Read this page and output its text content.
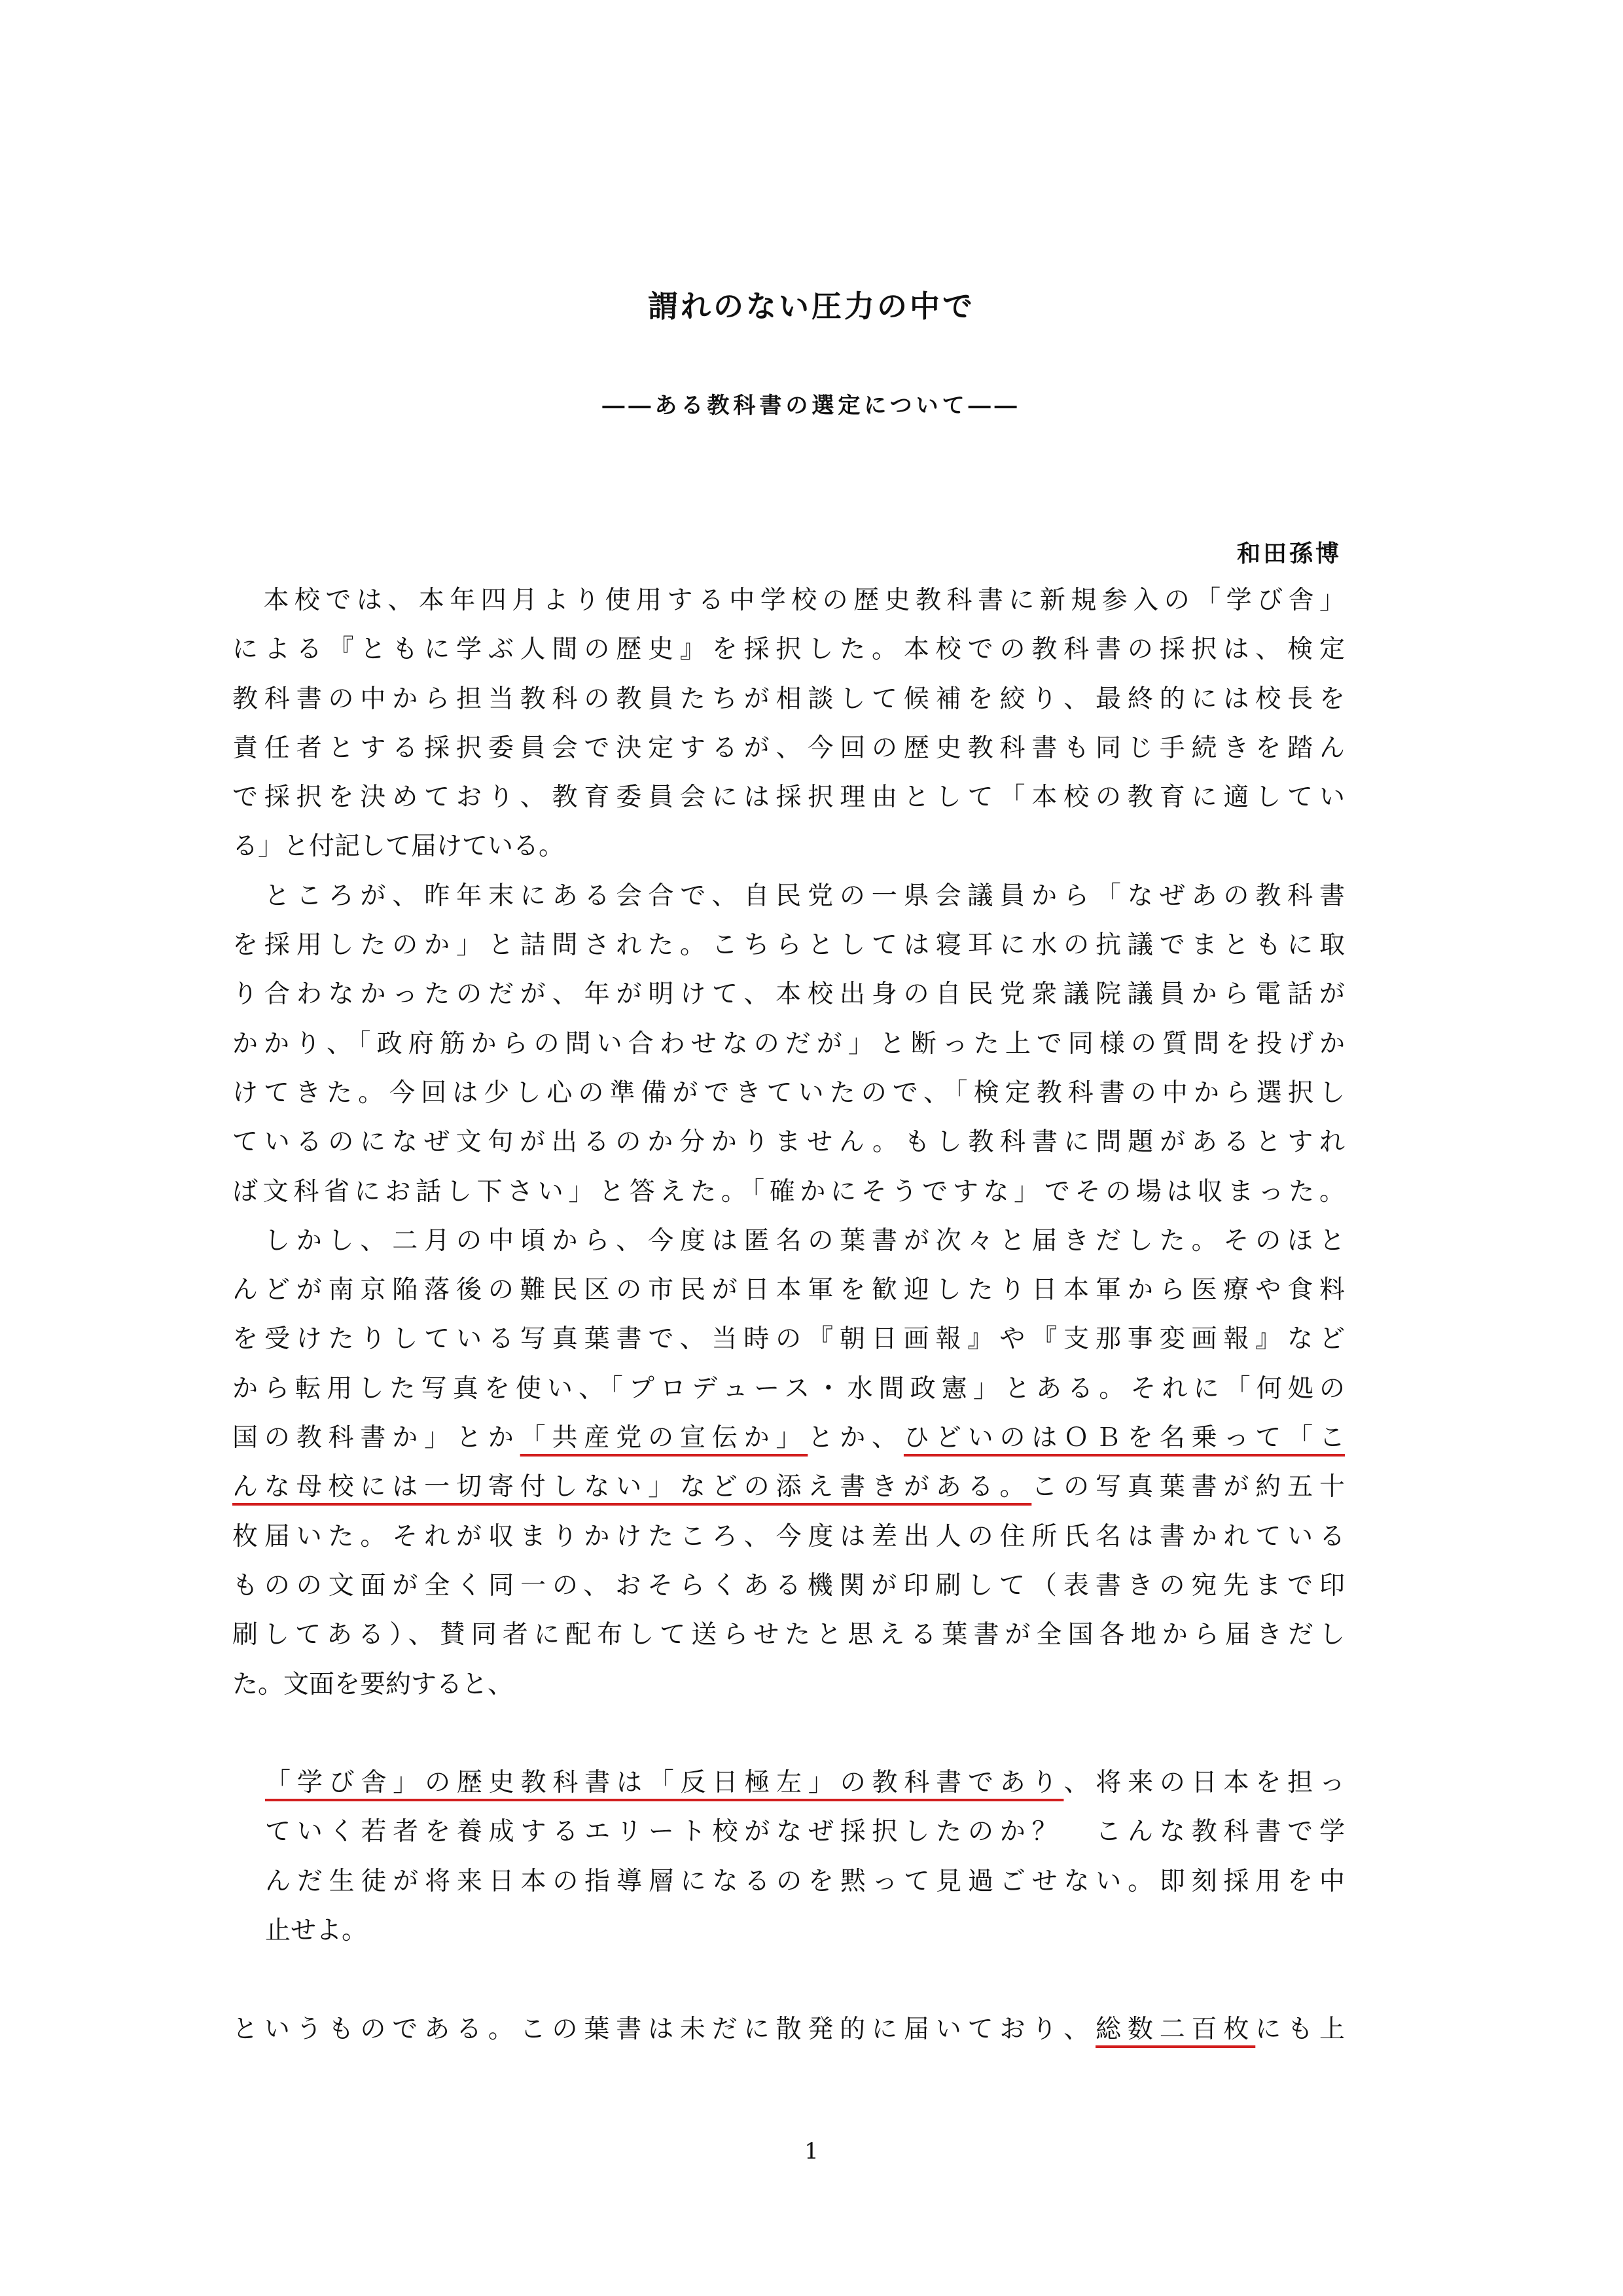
謂れのない圧力の中で
――ある教科書の選定について――
和田孫博
　本校では、本年四月より使用する中学校の歴史教科書に新規参入の「学び舎」
による『ともに学ぶ人間の歴史』を採択した。本校での教科書の採択は、検定
教科書の中から担当教科の教員たちが相談して候補を絞り、最終的には校長を
責任者とする採択委員会で決定するが、今回の歴史教科書も同じ手続きを踏ん
で採択を決めており、教育委員会には採択理由として「本校の教育に適してい
る」と付記して届けている。
　ところが、昨年末にある会合で、自民党の一県会議員から「なぜあの教科書
を採用したのか」と詰問された。こちらとしては寝耳に水の抗議でまともに取
り合わなかったのだが、年が明けて、本校出身の自民党衆議院議員から電話が
かかり、「政府筋からの問い合わせなのだが」と断った上で同様の質問を投げか
けてきた。今回は少し心の準備ができていたので、「検定教科書の中から選択し
ているのになぜ文句が出るのか分かりません。もし教科書に問題があるとすれ
ば文科省にお話し下さい」と答えた。「確かにそうですな」でその場は収まった。
　しかし、二月の中頃から、今度は匿名の葉書が次々と届きだした。そのほと
んどが南京陥落後の難民区の市民が日本軍を歓迎したり日本軍から医療や食料
を受けたりしている写真葉書で、当時の『朝日画報』や『支那事変画報』など
から転用した写真を使い、「プロデュース・水間政憲」とある。それに「何処の
国の教科書か」とか「共産党の宣伝か」とか、ひどいのはＯＢを名乗って「こ
んな母校には一切寄付しない」などの添え書きがある。この写真葉書が約五十
枚届いた。それが収まりかけたころ、今度は差出人の住所氏名は書かれている
ものの文面が全く同一の、おそらくある機関が印刷して（表書きの宛先まで印
刷してある）、賛同者に配布して送らせたと思える葉書が全国各地から届きだし
た。文面を要約すると、
「学び舎」の歴史教科書は「反日極左」の教科書であり、将来の日本を担っ
ていく若者を養成するエリート校がなぜ採択したのか？　こんな教科書で学
んだ生徒が将来日本の指導層になるのを黙って見過ごせない。即刻採用を中
止せよ。
というものである。この葉書は未だに散発的に届いており、総数二百枚にも上
1
